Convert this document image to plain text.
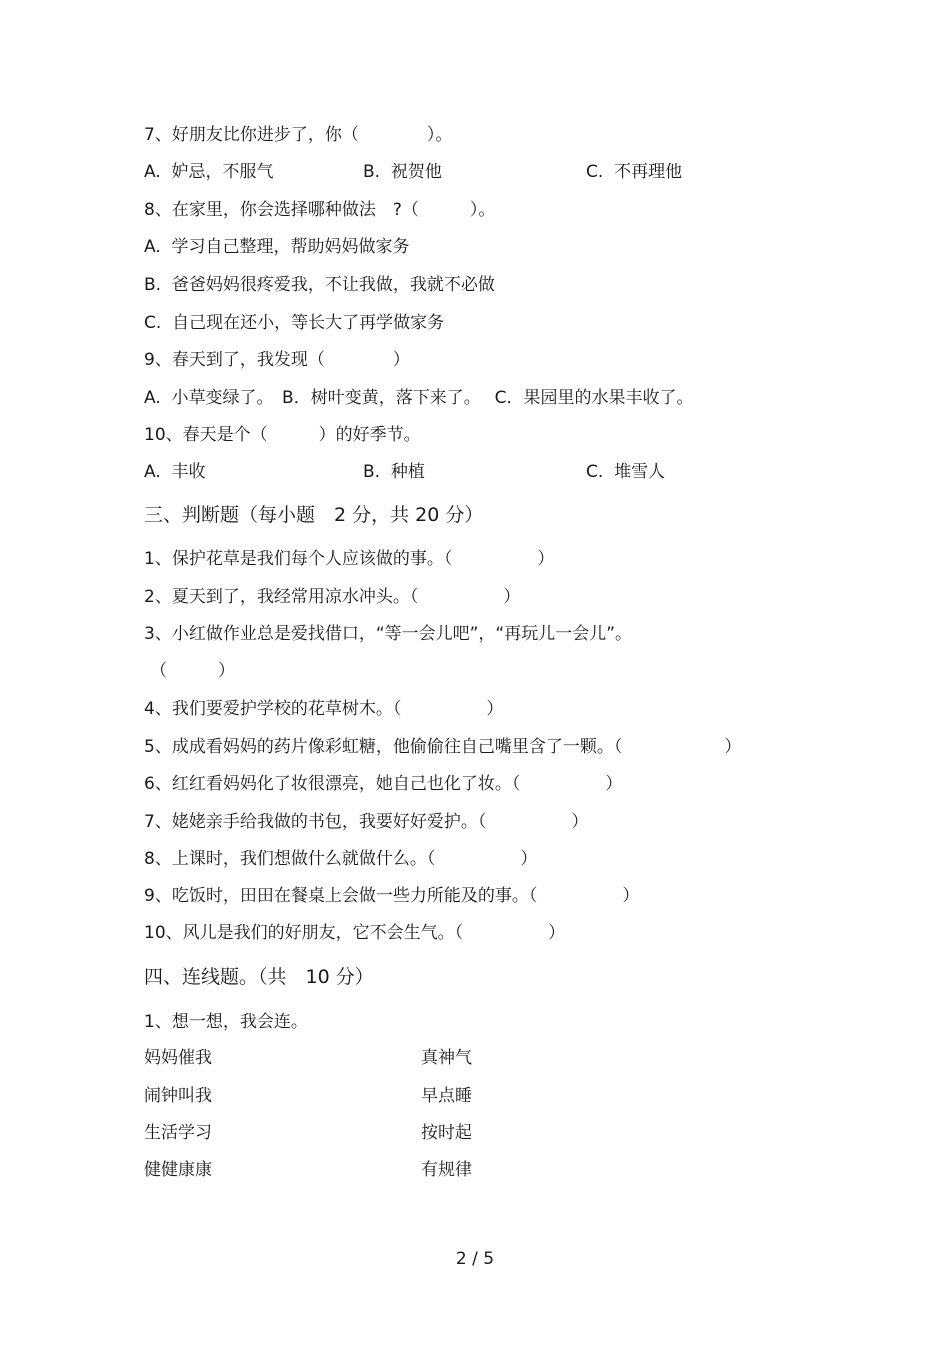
7、好朋友比你进步了，你（　　　　）。
A.  妒忌，不服气	B.  祝贺他	C.  不再理他
8、在家里，你会选择哪种做法　?（　　　）。
A.  学习自己整理，帮助妈妈做家务
B.  爸爸妈妈很疼爱我，不让我做，我就不必做
C.  自己现在还小，等长大了再学做家务
9、春天到了，我发现（　　　　）
A.  小草变绿了。　B．树叶变黄，落下来了。　 C．果园里的水果丰收了。
10、春天是个（　　　）的好季节。
A.  丰收	B.  种植	C.  堆雪人
三、判断题（每小题　2 分，共 20 分）
1、保护花草是我们每个人应该做的事。（　　　　　）
2、夏天到了，我经常用凉水冲头。（　　　　　）
3、小红做作业总是爱找借口，“等一会儿吧”，“再玩儿一会儿”。
（　　　）
4、我们要爱护学校的花草树木。（　　　　　）
5、成成看妈妈的药片像彩虹糖，他偷偷往自己嘴里含了一颗。（　　　　　　）
6、红红看妈妈化了妆很漂亮，她自己也化了妆。（　　　　　）
7、姥姥亲手给我做的书包，我要好好爱护。（　　　　　）
8、上课时，我们想做什么就做什么。（　　　　　）
9、吃饭时，田田在餐桌上会做一些力所能及的事。（　　　　　）
10、风儿是我们的好朋友，它不会生气。（　　　　　）
四、连线题。（共　10 分）
1、想一想，我会连。
妈妈催我	真神气
闹钟叫我	早点睡
生活学习	按时起
健健康康	有规律
2 / 5
